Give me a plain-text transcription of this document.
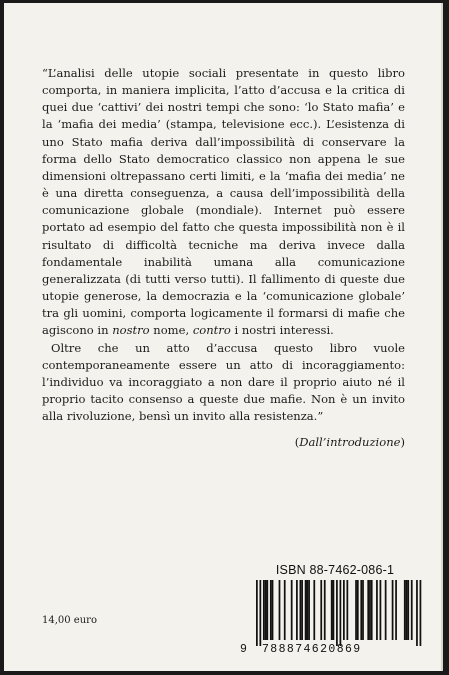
“L’analisi delle utopie sociali presentate in questo libro comporta, in maniera implicita, l’atto d’accusa e la critica di quei due ‘cattivi’ dei nostri tempi che sono: ‘lo Stato mafia’ e la ‘mafia dei media’ (stampa, televisione ecc.). L’esistenza di uno Stato mafia deriva dall’impossibilità di conservare la forma dello Stato democratico classico non appena le sue dimensioni oltrepassano certi limiti, e la ‘mafia dei media’ ne è una diretta conseguenza, a causa dell’impossibilità della comunicazione globale (mondiale). Internet può essere portato ad esempio del fatto che questa impossibilità non è il risultato di difficoltà tecniche ma deriva invece dalla fondamentale inabilità umana alla comunicazione generalizzata (di tutti verso tutti). Il fallimento di queste due utopie generose, la democrazia e la ‘comunicazione globale’ tra gli uomini, comporta logicamente il formarsi di mafie che agiscono in nostro nome, contro i nostri interessi.

Oltre che un atto d’accusa questo libro vuole contemporaneamente essere un atto di incoraggiamento: l’individuo va incoraggiato a non dare il proprio aiuto né il proprio tacito consenso a queste due mafie. Non è un invito alla rivoluzione, bensì un invito alla resistenza.”

(Dall’introduzione)
14,00 euro
ISBN 88-7462-086-1
9 788874620869
